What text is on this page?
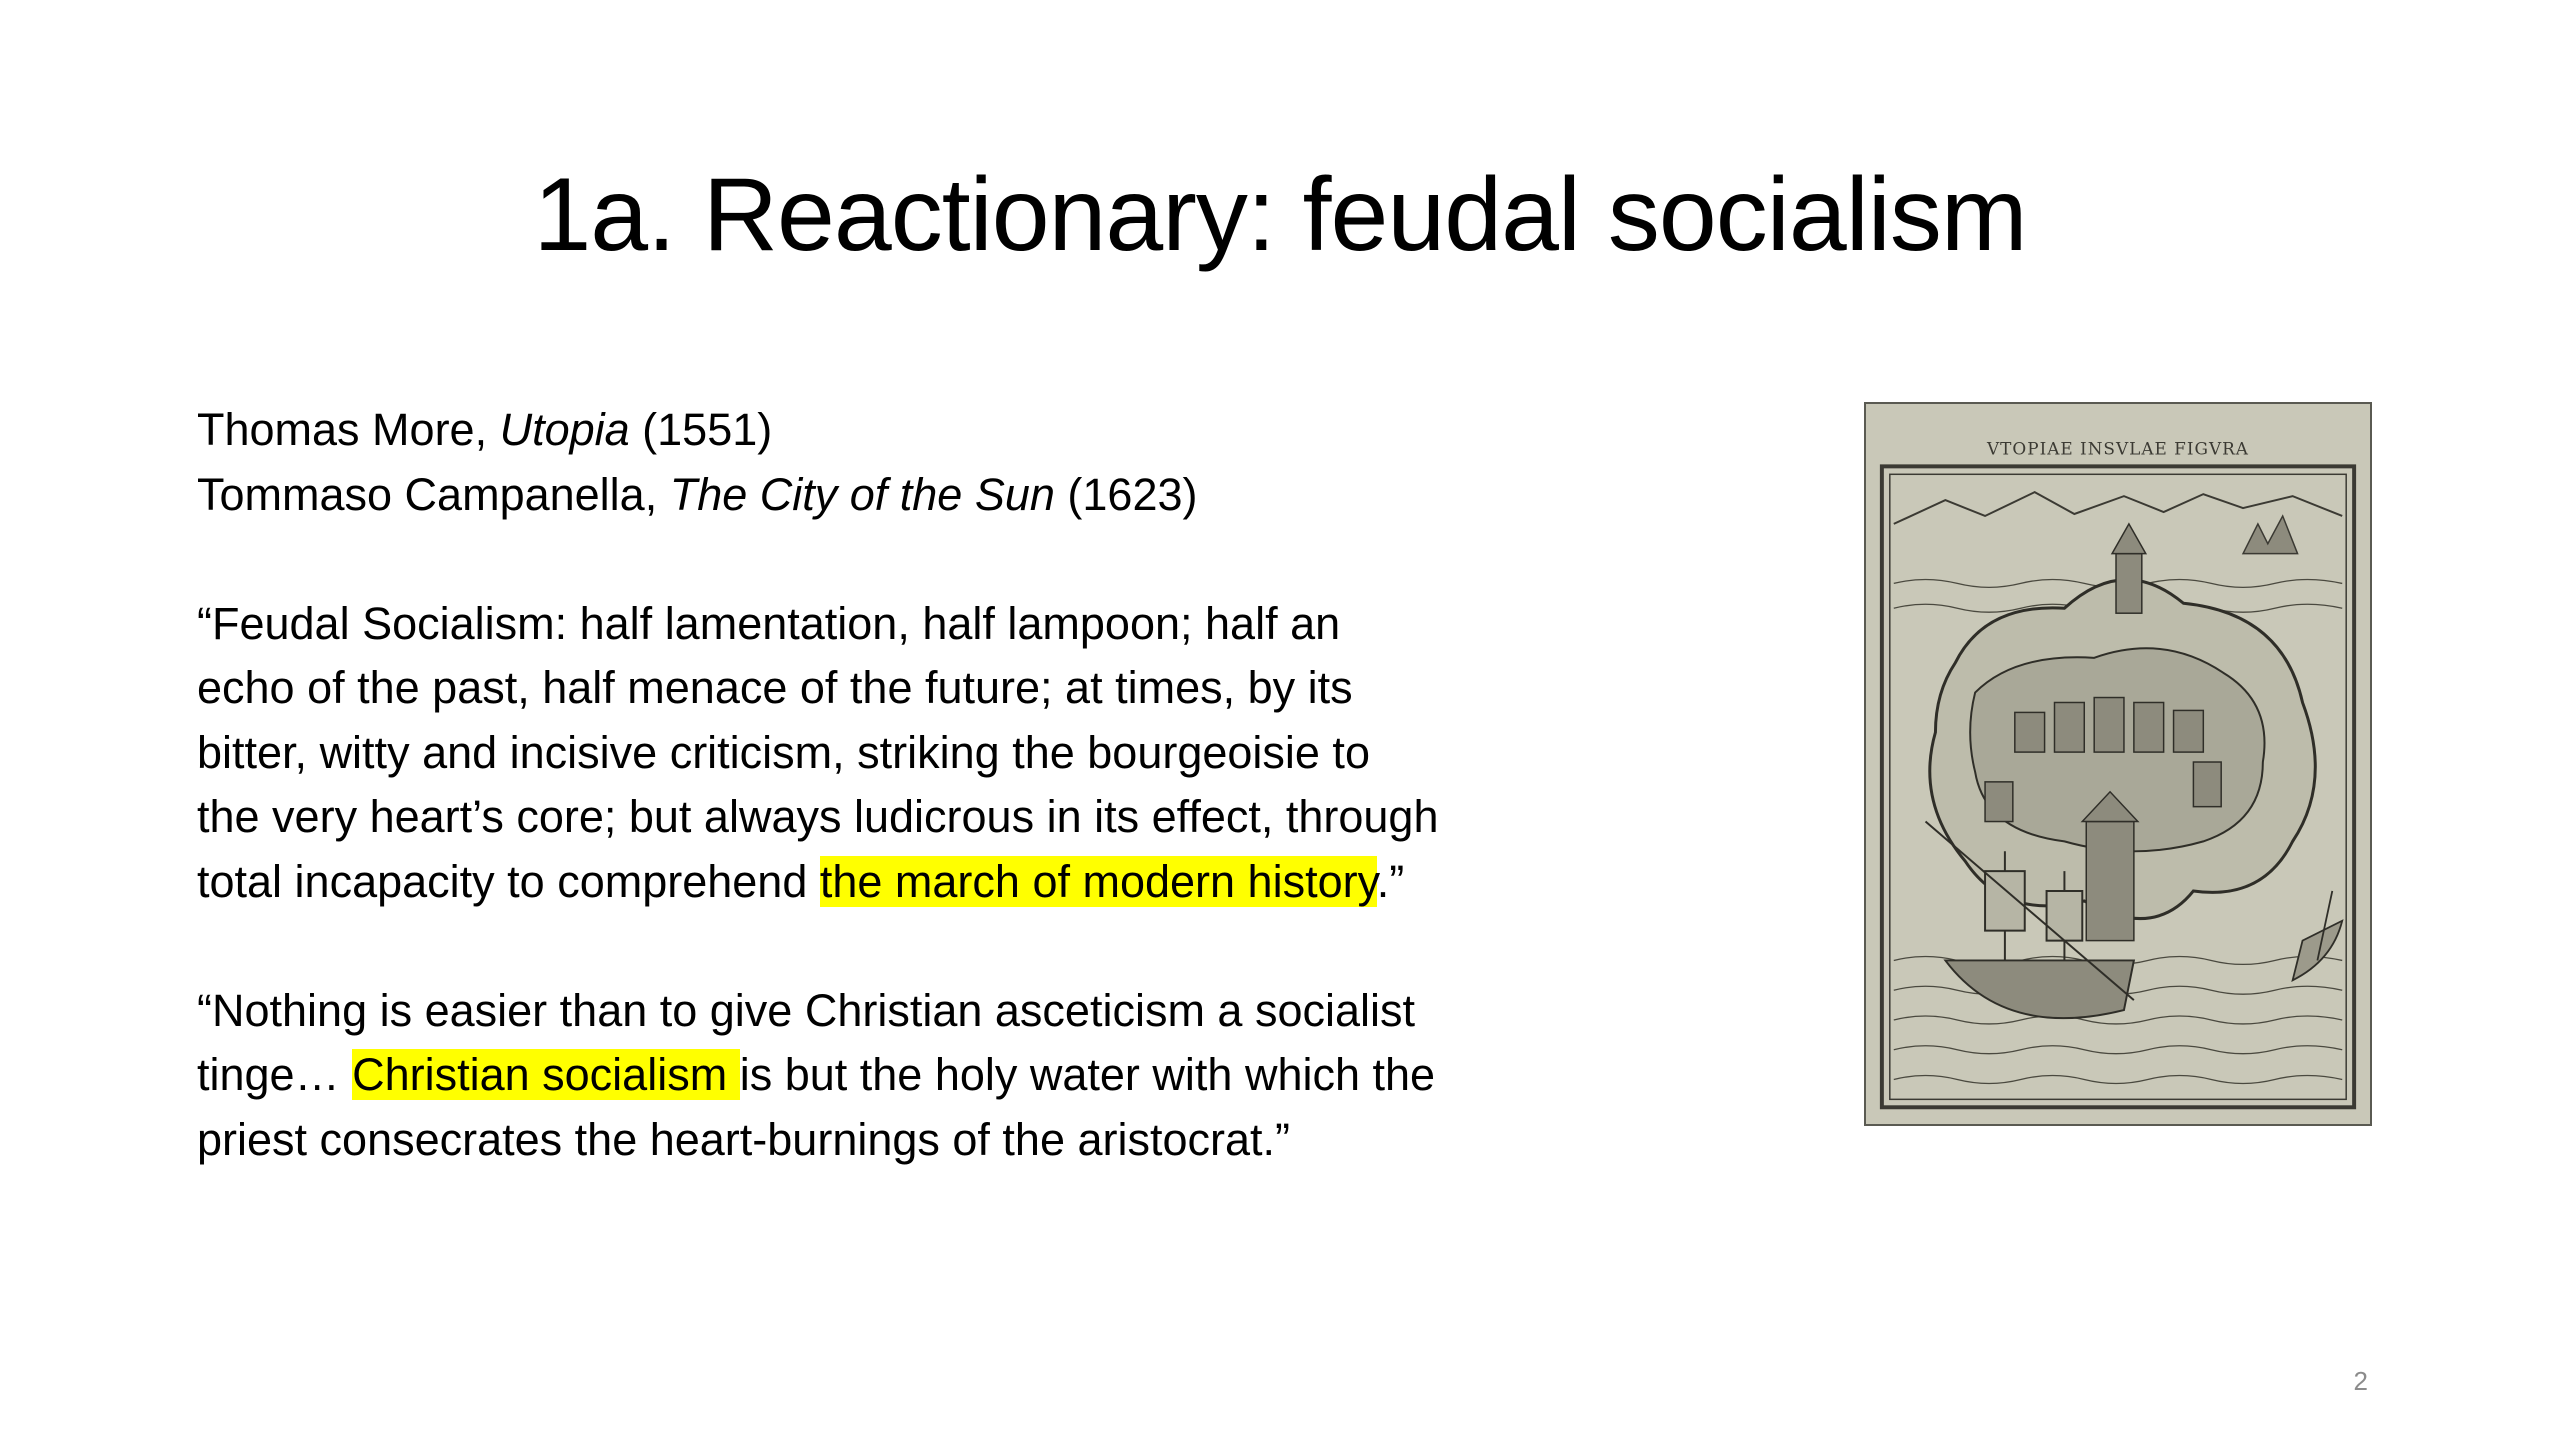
1a. Reactionary: feudal socialism
Thomas More, Utopia (1551)
Tommaso Campanella, The City of the Sun (1623)
“Feudal Socialism: half lamentation, half lampoon; half an
echo of the past, half menace of the future; at times, by its
bitter, witty and incisive criticism, striking the bourgeoisie to
the very heart’s core; but always ludicrous in its effect, through
total incapacity to comprehend the march of modern history.”
“Nothing is easier than to give Christian asceticism a socialist
tinge… Christian socialism is but the holy water with which the
priest consecrates the heart-burnings of the aristocrat.”
VTOPIAE INSVLAE FIGVRA
2
